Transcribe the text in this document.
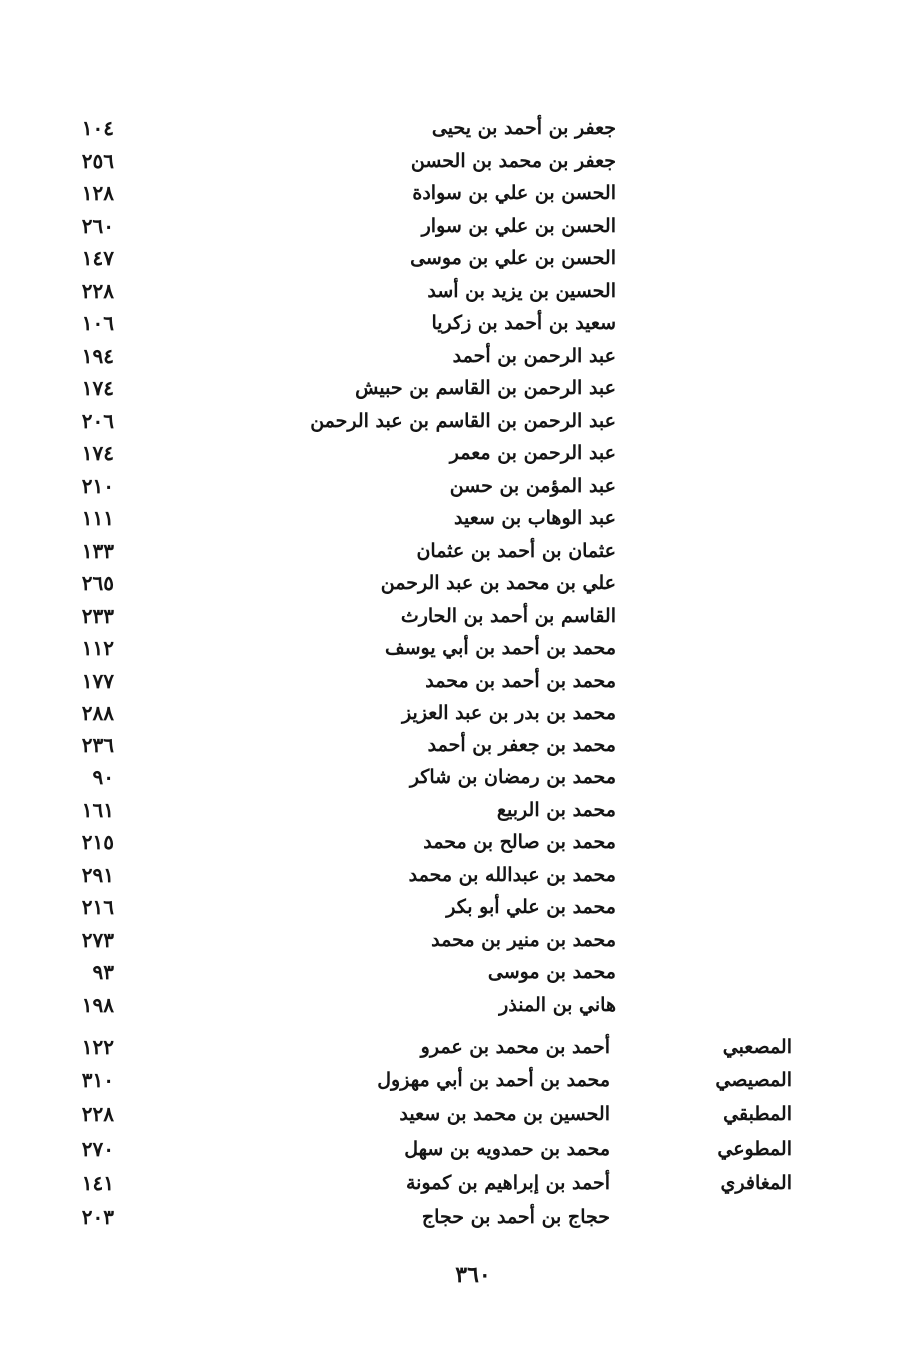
جعفر بن أحمد بن يحيى
١٠٤
جعفر بن محمد بن الحسن
٢٥٦
الحسن بن علي بن سوادة
١٢٨
الحسن بن علي بن سوار
٢٦٠
الحسن بن علي بن موسى
١٤٧
الحسين بن يزيد بن أسد
٢٢٨
سعيد بن أحمد بن زكريا
١٠٦
عبد الرحمن بن أحمد
١٩٤
عبد الرحمن بن القاسم بن حبيش
١٧٤
عبد الرحمن بن القاسم بن عبد الرحمن
٢٠٦
عبد الرحمن بن معمر
١٧٤
عبد المؤمن بن حسن
٢١٠
عبد الوهاب بن سعيد
١١١
عثمان بن أحمد بن عثمان
١٣٣
علي بن محمد بن عبد الرحمن
٢٦٥
القاسم بن أحمد بن الحارث
٢٣٣
محمد بن أحمد بن أبي يوسف
١١٢
محمد بن أحمد بن محمد
١٧٧
محمد بن بدر بن عبد العزيز
٢٨٨
محمد بن جعفر بن أحمد
٢٣٦
محمد بن رمضان بن شاكر
٩٠
محمد بن الربيع
١٦١
محمد بن صالح بن محمد
٢١٥
محمد بن عبدالله بن محمد
٢٩١
محمد بن علي أبو بكر
٢١٦
محمد بن منير بن محمد
٢٧٣
محمد بن موسى
٩٣
هاني بن المنذر
١٩٨
المصعبي
أحمد بن محمد بن عمرو
١٢٢
المصيصي
محمد بن أحمد بن أبي مهزول
٣١٠
المطبقي
الحسين بن محمد بن سعيد
٢٢٨
المطوعي
محمد بن حمدويه بن سهل
٢٧٠
المغافري
أحمد بن إبراهيم بن كمونة
١٤١
حجاج بن أحمد بن حجاج
٢٠٣
٣٦٠
